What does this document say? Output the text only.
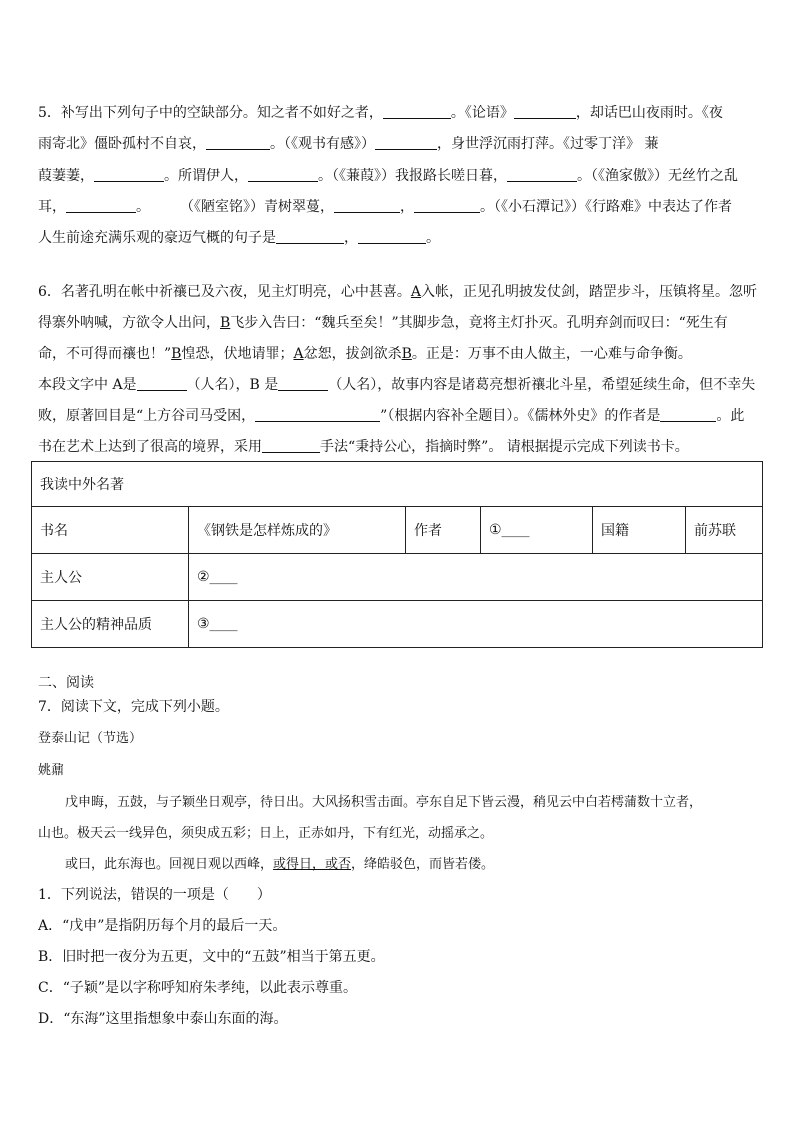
5．补写出下列句子中的空缺部分。知之者不如好之者，	。《论语》	，却话巴山夜雨时。《夜
雨寄北》僵卧孤村不自哀，	。（《观书有感》）	，身世浮沉雨打萍。《过零丁洋》 蒹
葭萋萋，	。所谓伊人，	。（《蒹葭》）我报路长嗟日暮，	。（《渔家傲》）无丝竹之乱
耳，	。 （《陋室铭》）青树翠蔓，	，	。（《小石潭记》）《行路难》中表达了作者
人生前途充满乐观的豪迈气概的句子是	，	。
6．名著孔明在帐中祈禳已及六夜，见主灯明亮，心中甚喜。A入帐，正见孔明披发仗剑，踏罡步斗，压镇将星。忽听
得寨外呐喊，方欲令人出问，B飞步入告曰：“魏兵至矣！”其脚步急，竟将主灯扑灭。孔明弃剑而叹曰：“死生有
命，不可得而禳也！”B惶恐，伏地请罪；A忿恕，拔剑欲杀B。正是：万事不由人做主，一心难与命争衡。
本段文字中 A是	（人名），B 是	（人名），故事内容是诸葛亮想祈禳北斗星，希望延续生命，但不幸失
败，原著回目是“上方谷司马受困，	”（根据内容补全题目）。《儒林外史》的作者是	。此
书在艺术上达到了很高的境界，采用	手法“秉持公心，指摘时弊”。 请根据提示完成下列读书卡。
我读中外名著					
书名	《钢铁是怎样炼成的》	作者	①____	国籍	前苏联
主人公	②____				
主人公的精神品质	③____				
二、阅读
7．阅读下文，完成下列小题。
登泰山记（节选）
姚鼐
戊申晦，五鼓，与子颖坐日观亭，待日出。大风扬积雪击面。亭东自足下皆云漫，稍见云中白若樗蒲数十立者，
山也。极天云一线异色，须臾成五彩；日上，正赤如丹，下有红光，动摇承之。
或曰，此东海也。回视日观以西峰，或得日，或否，绛皓驳色，而皆若偻。
1．下列说法，错误的一项是（　　）
A．“戊申”是指阴历每个月的最后一天。
B．旧时把一夜分为五更，文中的“五鼓”相当于第五更。
C．“子颖”是以字称呼知府朱孝纯，以此表示尊重。
D．“东海”这里指想象中泰山东面的海。
